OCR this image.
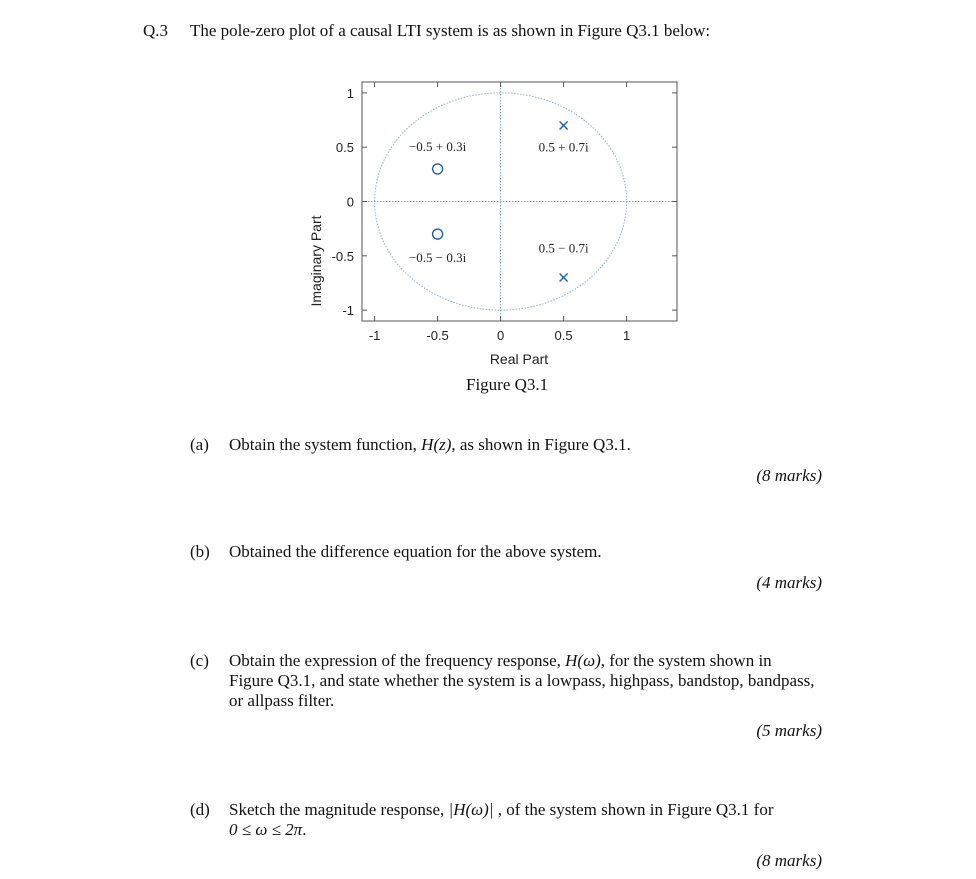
Q.3 The pole-zero plot of a causal LTI system is as shown in Figure Q3.1 below:
-1	-0.5	0	0.5	1
1
0.5
0
-0.5
-1
−0.5 + 0.3i
−0.5 − 0.3i
0.5 + 0.7i
0.5 − 0.7i
Imaginary Part
Real Part
Figure Q3.1
(a) Obtain the system function, H(z), as shown in Figure Q3.1.
(8 marks)
(b) Obtained the difference equation for the above system.
(4 marks)
(c) Obtain the expression of the frequency response, H(ω), for the system shown in Figure Q3.1, and state whether the system is a lowpass, highpass, bandstop, bandpass, or allpass filter.
(5 marks)
(d) Sketch the magnitude response, |H(ω)| , of the system shown in Figure Q3.1 for
0 ≤ ω ≤ 2π.
(8 marks)
